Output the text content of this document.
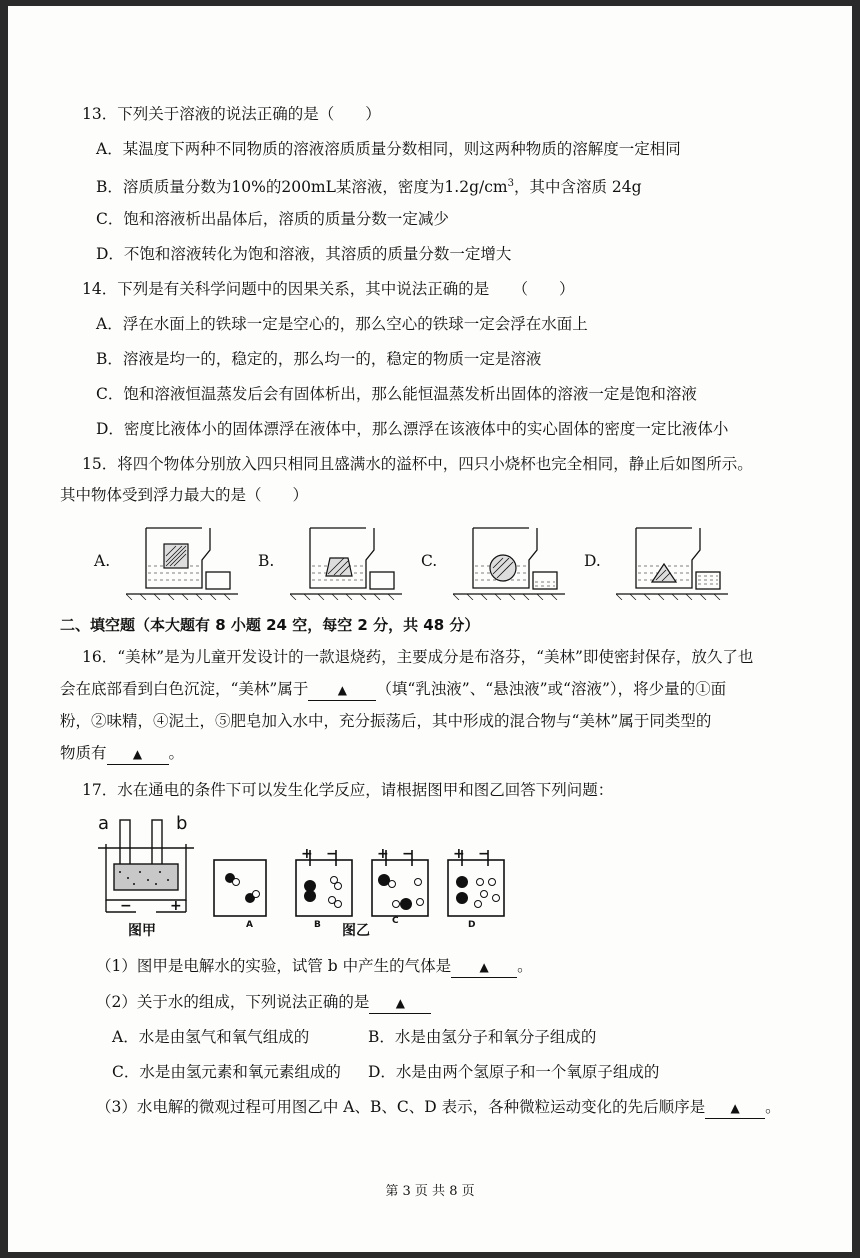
13．下列关于溶液的说法正确的是（　　）
A．某温度下两种不同物质的溶液溶质质量分数相同，则这两种物质的溶解度一定相同
B．溶质质量分数为10%的200mL某溶液，密度为$1.2g/cm^3$，其中含溶质 24g
C．饱和溶液析出晶体后，溶质的质量分数一定减少
D．不饱和溶液转化为饱和溶液，其溶质的质量分数一定增大
14．下列是有关科学问题中的因果关系，其中说法正确的是　　（　　）
A．浮在水面上的铁球一定是空心的，那么空心的铁球一定会浮在水面上
B．溶液是均一的，稳定的，那么均一的，稳定的物质一定是溶液
C．饱和溶液恒温蒸发后会有固体析出，那么能恒温蒸发析出固体的溶液一定是饱和溶液
D．密度比液体小的固体漂浮在液体中，那么漂浮在该液体中的实心固体的密度一定比液体小
15．将四个物体分别放入四只相同且盛满水的溢杯中，四只小烧杯也完全相同，静止后如图所示。
其中物体受到浮力最大的是（　　）
A.	B.	C.	D.
二、填空题（本大题有 8 小题 24 空，每空 2 分，共 48 分）
16．“美林”是为儿童开发设计的一款退烧药，主要成分是布洛芬，“美林”即使密封保存，放久了也
会在底部看到白色沉淀，“美林”属于 ▲ （填“乳浊液”、“悬浊液”或“溶液”），将少量的①面
粉，②味精，④泥土，⑤肥皂加入水中，充分振荡后，其中形成的混合物与“美林”属于同类型的
物质有 ▲ 。
17．水在通电的条件下可以发生化学反应，请根据图甲和图乙回答下列问题：
a	b
−	+
图甲
+ −	+ −	+ −
A	B	C	D
图乙
（1）图甲是电解水的实验，试管 b 中产生的气体是 ▲ 。
（2）关于水的组成，下列说法正确的是 ▲
A．水是由氢气和氧气组成的	B．水是由氢分子和氧分子组成的
C．水是由氢元素和氧元素组成的 D．水是由两个氢原子和一个氧原子组成的
（3）水电解的微观过程可用图乙中 A、B、C、D 表示，各种微粒运动变化的先后顺序是 ▲ 。
第 3 页 共 8 页
